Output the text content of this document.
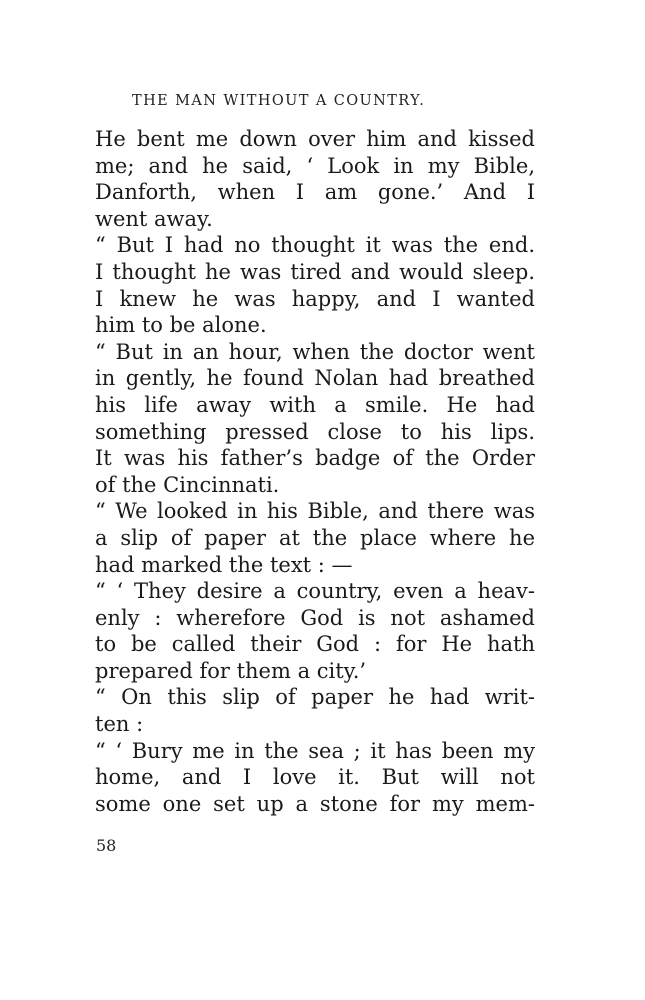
THE MAN WITHOUT A COUNTRY.
He bent me down over him and kissed
me; and he said, ‘ Look in my Bible,
Danforth, when I am gone.’ And I
went away.
“ But I had no thought it was the end.
I thought he was tired and would sleep.
I knew he was happy, and I wanted
him to be alone.
“ But in an hour, when the doctor went
in gently, he found Nolan had breathed
his life away with a smile. He had
something pressed close to his lips.
It was his father’s badge of the Order
of the Cincinnati.
“ We looked in his Bible, and there was
a slip of paper at the place where he
had marked the text : —
“ ‘ They desire a country, even a heav-
enly : wherefore God is not ashamed
to be called their God : for He hath
prepared for them a city.’
“ On this slip of paper he had writ-
ten :
“ ‘ Bury me in the sea ; it has been my
home, and I love it. But will not
some one set up a stone for my mem-
58
